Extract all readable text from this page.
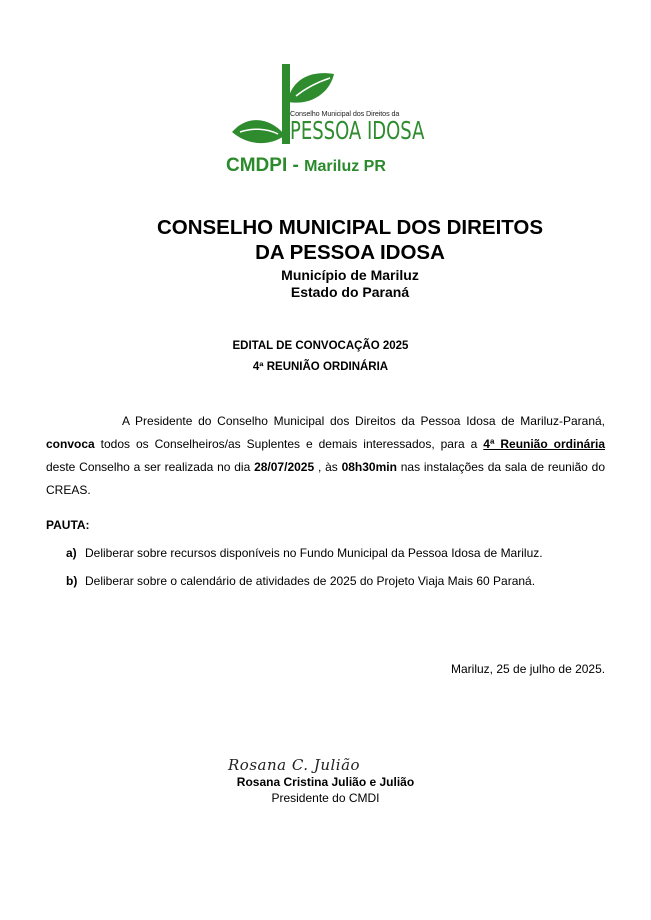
Conselho Municipal dos Direitos da
PESSOA IDOSA
CMDPI - Mariluz PR
CONSELHO MUNICIPAL DOS DIREITOS
DA PESSOA IDOSA
Município de Mariluz
Estado do Paraná
EDITAL DE CONVOCAÇÃO 2025
4ª REUNIÃO ORDINÁRIA
A Presidente do Conselho Municipal dos Direitos da Pessoa Idosa de Mariluz-Paraná, convoca todos os Conselheiros/as Suplentes e demais interessados, para a 4ª Reunião ordinária deste Conselho a ser realizada no dia 28/07/2025 , às 08h30min nas instalações da sala de reunião do CREAS.
PAUTA:
a) Deliberar sobre recursos disponíveis no Fundo Municipal da Pessoa Idosa de Mariluz.
b) Deliberar sobre o calendário de atividades de 2025 do Projeto Viaja Mais 60 Paraná.
Mariluz, 25 de julho de 2025.
Rosana C. Julião
Rosana Cristina Julião e Julião
Presidente do CMDI
